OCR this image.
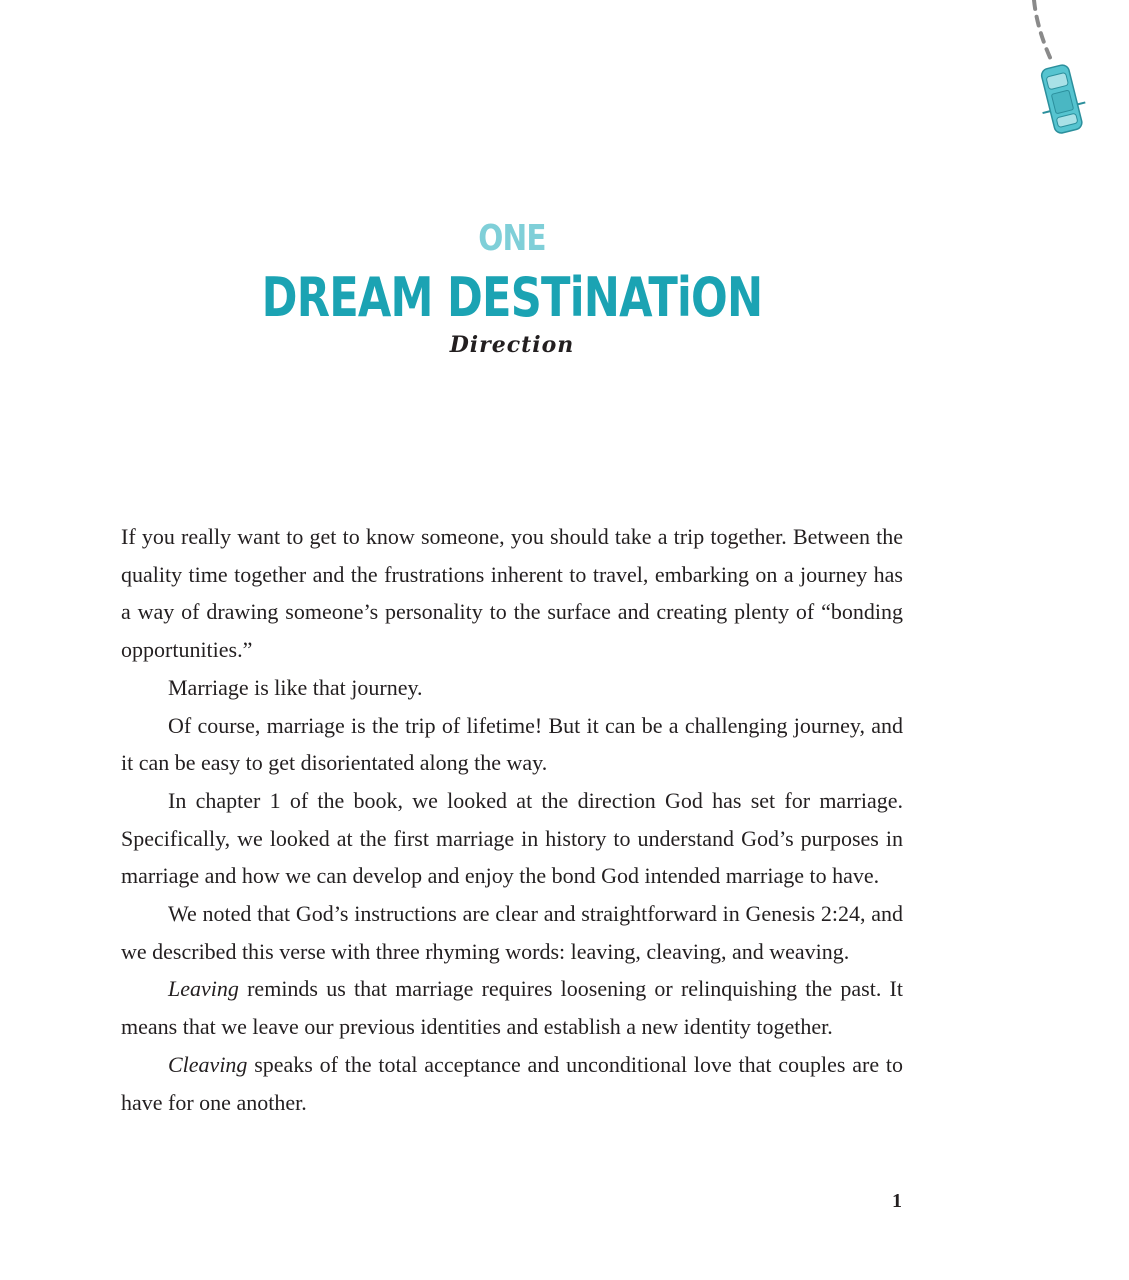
ONE
DREAM DESTiNATiON
Direction

If you really want to get to know someone, you should take a trip together. Between the quality time together and the frustrations inherent to travel, embarking on a journey has a way of drawing someone’s personality to the surface and creating plenty of “bonding opportunities.”

Marriage is like that journey.

Of course, marriage is the trip of lifetime! But it can be a challenging journey, and it can be easy to get disorientated along the way.

In chapter 1 of the book, we looked at the direction God has set for marriage. Specifically, we looked at the first marriage in history to understand God’s purposes in marriage and how we can develop and enjoy the bond God intended marriage to have.

We noted that God’s instructions are clear and straightforward in Genesis 2:24, and we described this verse with three rhyming words: leaving, cleaving, and weaving.

Leaving reminds us that marriage requires loosening or relinquishing the past. It means that we leave our previous identities and establish a new identity together.

Cleaving speaks of the total acceptance and unconditional love that couples are to have for one another.

1
